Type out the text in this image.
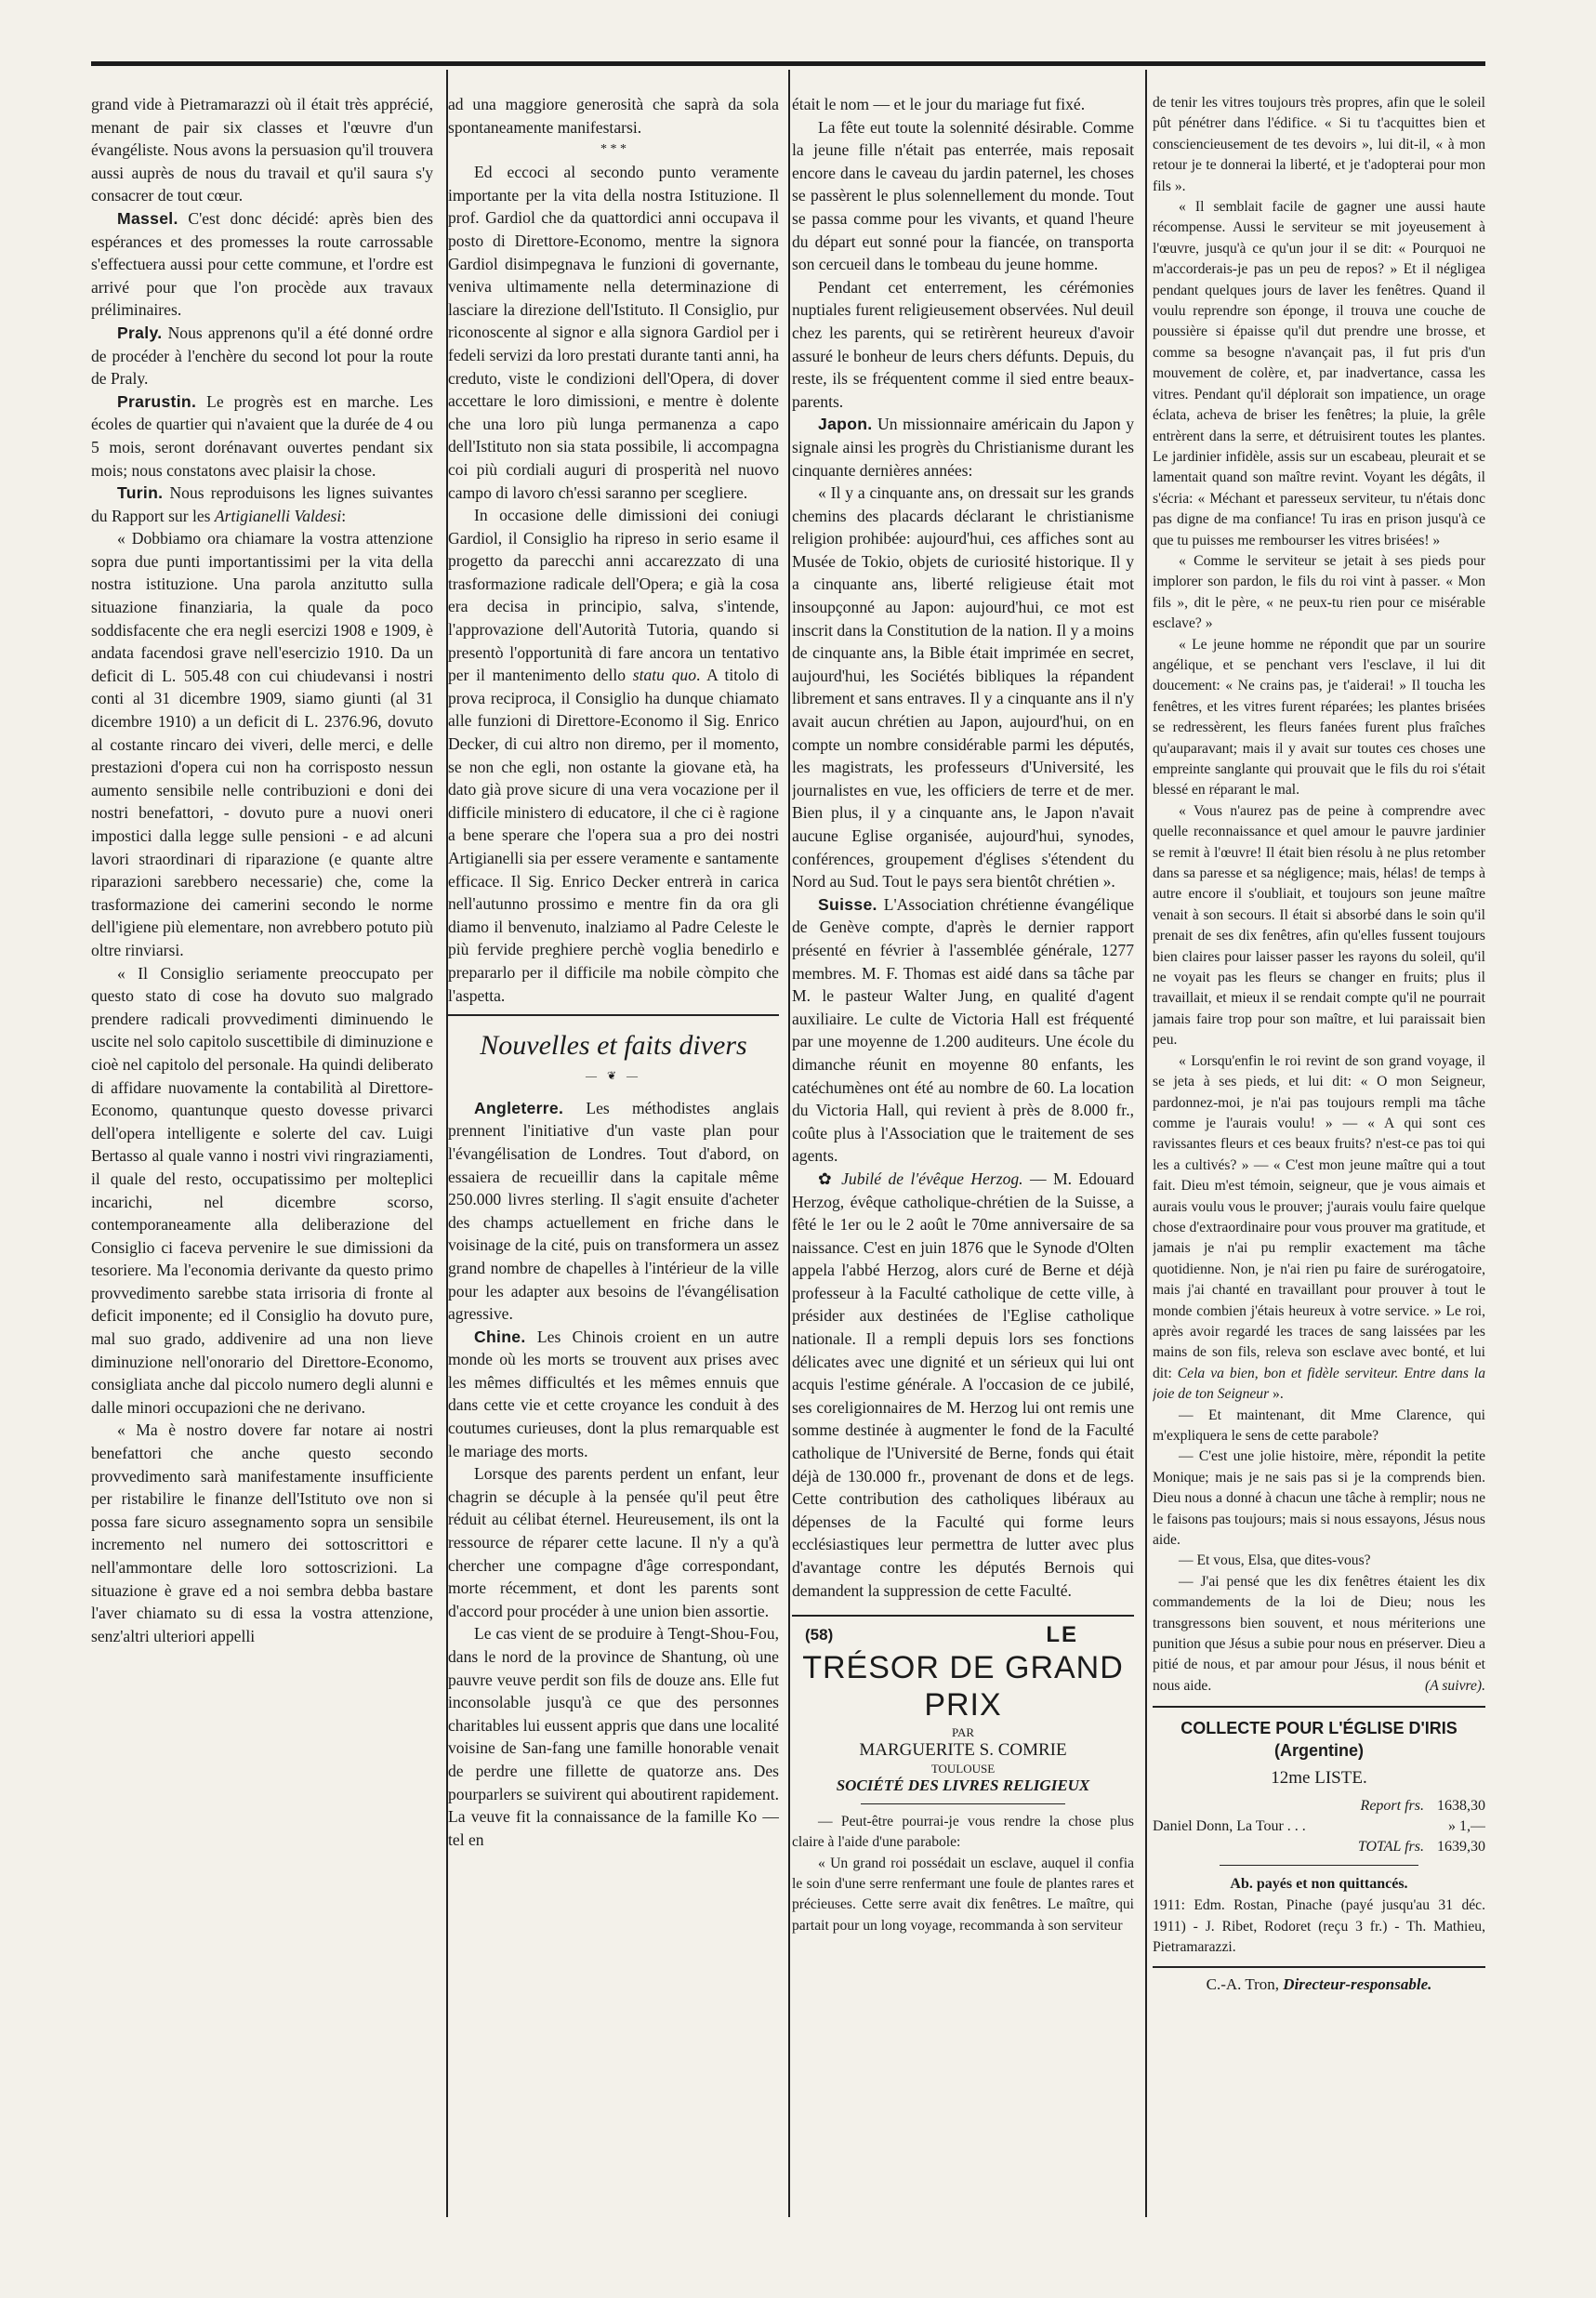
grand vide à Pietramarazzi où il était très apprécié, menant de pair six classes et l'œuvre d'un évangéliste. Nous avons la persuasion qu'il trouvera aussi auprès de nous du travail et qu'il saura s'y consacrer de tout cœur.

Massel. C'est donc décidé: après bien des espérances et des promesses la route carrossable s'effectuera aussi pour cette commune, et l'ordre est arrivé pour que l'on procède aux travaux préliminaires.

Praly. Nous apprenons qu'il a été donné ordre de procéder à l'enchère du second lot pour la route de Praly.

Prarustin. Le progrès est en marche. Les écoles de quartier qui n'avaient que la durée de 4 ou 5 mois, seront dorénavant ouvertes pendant six mois; nous constatons avec plaisir la chose.

Turin. Nous reproduisons les lignes suivantes du Rapport sur les Artigianelli Valdesi:

« Dobbiamo ora chiamare la vostra attenzione sopra due punti importantissimi per la vita della nostra istituzione. Una parola anzitutto sulla situazione finanziaria, la quale da poco soddisfacente che era negli esercizi 1908 e 1909, è andata facendosi grave nell'esercizio 1910. Da un deficit di L. 505.48 con cui chiudevansi i nostri conti al 31 dicembre 1909, siamo giunti (al 31 dicembre 1910) a un deficit di L. 2376.96, dovuto al costante rincaro dei viveri, delle merci, e delle prestazioni d'opera cui non ha corrisposto nessun aumento sensibile nelle contribuzioni e doni dei nostri benefattori, - dovuto pure a nuovi oneri impostici dalla legge sulle pensioni - e ad alcuni lavori straordinari di riparazione (e quante altre riparazioni sarebbero necessarie) che, come la trasformazione dei camerini secondo le norme dell'igiene più elementare, non avrebbero potuto più oltre rinviarsi.

« Il Consiglio seriamente preoccupato per questo stato di cose ha dovuto suo malgrado prendere radicali provvedimenti diminuendo le uscite nel solo capitolo suscettibile di diminuzione e cioè nel capitolo del personale. Ha quindi deliberato di affidare nuovamente la contabilità al Direttore-Economo, quantunque questo dovesse privarci dell'opera intelligente e solerte del cav. Luigi Bertasso al quale vanno i nostri vivi ringraziamenti, il quale del resto, occupatissimo per molteplici incarichi, nel dicembre scorso, contemporaneamente alla deliberazione del Consiglio ci faceva pervenire le sue dimissioni da tesoriere. Ma l'economia derivante da questo primo provvedimento sarebbe stata irrisoria di fronte al deficit imponente; ed il Consiglio ha dovuto pure, mal suo grado, addivenire ad una non lieve diminuzione nell'onorario del Direttore-Economo, consigliata anche dal piccolo numero degli alunni e dalle minori occupazioni che ne derivano.

« Ma è nostro dovere far notare ai nostri benefattori che anche questo secondo provvedimento sarà manifestamente insufficiente per ristabilire le finanze dell'Istituto ove non si possa fare sicuro assegnamento sopra un sensibile incremento nel numero dei sottoscrittori e nell'ammontare delle loro sottoscrizioni. La situazione è grave ed a noi sembra debba bastare l'aver chiamato su di essa la vostra attenzione, senz'altri ulteriori appelli

ad una maggiore generosità che saprà da sola spontaneamente manifestarsi.

* * *

Ed eccoci al secondo punto veramente importante per la vita della nostra Istituzione. Il prof. Gardiol che da quattordici anni occupava il posto di Direttore-Economo, mentre la signora Gardiol disimpegnava le funzioni di governante, veniva ultimamente nella determinazione di lasciare la direzione dell'Istituto. Il Consiglio, pur riconoscente al signor e alla signora Gardiol per i fedeli servizi da loro prestati durante tanti anni, ha creduto, viste le condizioni dell'Opera, di dover accettare le loro dimissioni, e mentre è dolente che una loro più lunga permanenza a capo dell'Istituto non sia stata possibile, li accompagna coi più cordiali auguri di prosperità nel nuovo campo di lavoro ch'essi saranno per scegliere.

In occasione delle dimissioni dei coniugi Gardiol, il Consiglio ha ripreso in serio esame il progetto da parecchi anni accarezzato di una trasformazione radicale dell'Opera; e già la cosa era decisa in principio, salva, s'intende, l'approvazione dell'Autorità Tutoria, quando si presentò l'opportunità di fare ancora un tentativo per il mantenimento dello statu quo. A titolo di prova reciproca, il Consiglio ha dunque chiamato alle funzioni di Direttore-Economo il Sig. Enrico Decker, di cui altro non diremo, per il momento, se non che egli, non ostante la giovane età, ha dato già prove sicure di una vera vocazione per il difficile ministero di educatore, il che ci è ragione a bene sperare che l'opera sua a pro dei nostri Artigianelli sia per essere veramente e santamente efficace. Il Sig. Enrico Decker entrerà in carica nell'autunno prossimo e mentre fin da ora gli diamo il benvenuto, inalziamo al Padre Celeste le più fervide preghiere perchè voglia benedirlo e prepararlo per il difficile ma nobile còmpito che l'aspetta.

Nouvelles et faits divers
— ❦ —

Angleterre. Les méthodistes anglais prennent l'initiative d'un vaste plan pour l'évangélisation de Londres. Tout d'abord, on essaiera de recueillir dans la capitale même 250.000 livres sterling. Il s'agit ensuite d'acheter des champs actuellement en friche dans le voisinage de la cité, puis on transformera un assez grand nombre de chapelles à l'intérieur de la ville pour les adapter aux besoins de l'évangélisation agressive.

Chine. Les Chinois croient en un autre monde où les morts se trouvent aux prises avec les mêmes difficultés et les mêmes ennuis que dans cette vie et cette croyance les conduit à des coutumes curieuses, dont la plus remarquable est le mariage des morts.

Lorsque des parents perdent un enfant, leur chagrin se décuple à la pensée qu'il peut être réduit au célibat éternel. Heureusement, ils ont la ressource de réparer cette lacune. Il n'y a qu'à chercher une compagne d'âge correspondant, morte récemment, et dont les parents sont d'accord pour procéder à une union bien assortie.

Le cas vient de se produire à Tengt-Shou-Fou, dans le nord de la province de Shantung, où une pauvre veuve perdit son fils de douze ans. Elle fut inconsolable jusqu'à ce que des personnes charitables lui eussent appris que dans une localité voisine de San-fang une famille honorable venait de perdre une fillette de quatorze ans. Des pourparlers se suivirent qui aboutirent rapidement. La veuve fit la connaissance de la famille Ko — tel en

était le nom — et le jour du mariage fut fixé.

La fête eut toute la solennité désirable. Comme la jeune fille n'était pas enterrée, mais reposait encore dans le caveau du jardin paternel, les choses se passèrent le plus solennellement du monde. Tout se passa comme pour les vivants, et quand l'heure du départ eut sonné pour la fiancée, on transporta son cercueil dans le tombeau du jeune homme.

Pendant cet enterrement, les cérémonies nuptiales furent religieusement observées. Nul deuil chez les parents, qui se retirèrent heureux d'avoir assuré le bonheur de leurs chers défunts. Depuis, du reste, ils se fréquentent comme il sied entre beaux-parents.

Japon. Un missionnaire américain du Japon y signale ainsi les progrès du Christianisme durant les cinquante dernières années:

« Il y a cinquante ans, on dressait sur les grands chemins des placards déclarant le christianisme religion prohibée: aujourd'hui, ces affiches sont au Musée de Tokio, objets de curiosité historique. Il y a cinquante ans, liberté religieuse était mot insoupçonné au Japon: aujourd'hui, ce mot est inscrit dans la Constitution de la nation. Il y a moins de cinquante ans, la Bible était imprimée en secret, aujourd'hui, les Sociétés bibliques la répandent librement et sans entraves. Il y a cinquante ans il n'y avait aucun chrétien au Japon, aujourd'hui, on en compte un nombre considérable parmi les députés, les magistrats, les professeurs d'Université, les journalistes en vue, les officiers de terre et de mer. Bien plus, il y a cinquante ans, le Japon n'avait aucune Eglise organisée, aujourd'hui, synodes, conférences, groupement d'églises s'étendent du Nord au Sud. Tout le pays sera bientôt chrétien ».

Suisse. L'Association chrétienne évangélique de Genève compte, d'après le dernier rapport présenté en février à l'assemblée générale, 1277 membres. M. F. Thomas est aidé dans sa tâche par M. le pasteur Walter Jung, en qualité d'agent auxiliaire. Le culte de Victoria Hall est fréquenté par une moyenne de 1.200 auditeurs. Une école du dimanche réunit en moyenne 80 enfants, les catéchumènes ont été au nombre de 60. La location du Victoria Hall, qui revient à près de 8.000 fr., coûte plus à l'Association que le traitement de ses agents.

✿ Jubilé de l'évêque Herzog. — M. Edouard Herzog, évêque catholique-chrétien de la Suisse, a fêté le 1er ou le 2 août le 70me anniversaire de sa naissance. C'est en juin 1876 que le Synode d'Olten appela l'abbé Herzog, alors curé de Berne et déjà professeur à la Faculté catholique de cette ville, à présider aux destinées de l'Eglise catholique nationale. Il a rempli depuis lors ses fonctions délicates avec une dignité et un sérieux qui lui ont acquis l'estime générale. A l'occasion de ce jubilé, ses coreligionnaires de M. Herzog lui ont remis une somme destinée à augmenter le fond de la Faculté catholique de l'Université de Berne, fonds qui était déjà de 130.000 fr., provenant de dons et de legs. Cette contribution des catholiques libéraux au dépenses de la Faculté qui forme leurs ecclésiastiques leur permettra de lutter avec plus d'avantage contre les députés Bernois qui demandent la suppression de cette Faculté.

(58)	LE
TRÉSOR DE GRAND PRIX
PAR
MARGUERITE S. COMRIE
TOULOUSE
SOCIÉTÉ DES LIVRES RELIGIEUX

— Peut-être pourrai-je vous rendre la chose plus claire à l'aide d'une parabole:

« Un grand roi possédait un esclave, auquel il confia le soin d'une serre renfermant une foule de plantes rares et précieuses. Cette serre avait dix fenêtres. Le maître, qui partait pour un long voyage, recommanda à son serviteur

de tenir les vitres toujours très propres, afin que le soleil pût pénétrer dans l'édifice. « Si tu t'acquittes bien et consciencieusement de tes devoirs », lui dit-il, « à mon retour je te donnerai la liberté, et je t'adopterai pour mon fils ».

« Il semblait facile de gagner une aussi haute récompense. Aussi le serviteur se mit joyeusement à l'œuvre, jusqu'à ce qu'un jour il se dit: « Pourquoi ne m'accorderais-je pas un peu de repos? » Et il négligea pendant quelques jours de laver les fenêtres. Quand il voulu reprendre son éponge, il trouva une couche de poussière si épaisse qu'il dut prendre une brosse, et comme sa besogne n'avançait pas, il fut pris d'un mouvement de colère, et, par inadvertance, cassa les vitres. Pendant qu'il déplorait son impatience, un orage éclata, acheva de briser les fenêtres; la pluie, la grêle entrèrent dans la serre, et détruisirent toutes les plantes. Le jardinier infidèle, assis sur un escabeau, pleurait et se lamentait quand son maître revint. Voyant les dégâts, il s'écria: « Méchant et paresseux serviteur, tu n'étais donc pas digne de ma confiance! Tu iras en prison jusqu'à ce que tu puisses me rembourser les vitres brisées! »

« Comme le serviteur se jetait à ses pieds pour implorer son pardon, le fils du roi vint à passer. « Mon fils », dit le père, « ne peux-tu rien pour ce misérable esclave? »

« Le jeune homme ne répondit que par un sourire angélique, et se penchant vers l'esclave, il lui dit doucement: « Ne crains pas, je t'aiderai! » Il toucha les fenêtres, et les vitres furent réparées; les plantes brisées se redressèrent, les fleurs fanées furent plus fraîches qu'auparavant; mais il y avait sur toutes ces choses une empreinte sanglante qui prouvait que le fils du roi s'était blessé en réparant le mal.

« Vous n'aurez pas de peine à comprendre avec quelle reconnaissance et quel amour le pauvre jardinier se remit à l'œuvre! Il était bien résolu à ne plus retomber dans sa paresse et sa négligence; mais, hélas! de temps à autre encore il s'oubliait, et toujours son jeune maître venait à son secours. Il était si absorbé dans le soin qu'il prenait de ses dix fenêtres, afin qu'elles fussent toujours bien claires pour laisser passer les rayons du soleil, qu'il ne voyait pas les fleurs se changer en fruits; plus il travaillait, et mieux il se rendait compte qu'il ne pourrait jamais faire trop pour son maître, et lui paraissait bien peu.

« Lorsqu'enfin le roi revint de son grand voyage, il se jeta à ses pieds, et lui dit: « O mon Seigneur, pardonnez-moi, je n'ai pas toujours rempli ma tâche comme je l'aurais voulu! » — « A qui sont ces ravissantes fleurs et ces beaux fruits? n'est-ce pas toi qui les a cultivés? » — « C'est mon jeune maître qui a tout fait. Dieu m'est témoin, seigneur, que je vous aimais et aurais voulu vous le prouver; j'aurais voulu faire quelque chose d'extraordinaire pour vous prouver ma gratitude, et jamais je n'ai pu remplir exactement ma tâche quotidienne. Non, je n'ai rien pu faire de surérogatoire, mais j'ai chanté en travaillant pour prouver à tout le monde combien j'étais heureux à votre service. » Le roi, après avoir regardé les traces de sang laissées par les mains de son fils, releva son esclave avec bonté, et lui dit: Cela va bien, bon et fidèle serviteur. Entre dans la joie de ton Seigneur ».

— Et maintenant, dit Mme Clarence, qui m'expliquera le sens de cette parabole?

— C'est une jolie histoire, mère, répondit la petite Monique; mais je ne sais pas si je la comprends bien. Dieu nous a donné à chacun une tâche à remplir; nous ne le faisons pas toujours; mais si nous essayons, Jésus nous aide.

— Et vous, Elsa, que dites-vous?

— J'ai pensé que les dix fenêtres étaient les dix commandements de la loi de Dieu; nous les transgressons bien souvent, et nous mériterions une punition que Jésus a subie pour nous en préserver. Dieu a pitié de nous, et par amour pour Jésus, il nous bénit et nous aide.	(A suivre).

COLLECTE POUR L'ÉGLISE D'IRIS (Argentine)
12me LISTE.
Report frs. 1638,30
Daniel Donn, La Tour . . .	» 1,—
TOTAL frs. 1639,30
Ab. payés et non quittancés.

1911: Edm. Rostan, Pinache (payé jusqu'au 31 déc. 1911) - J. Ribet, Rodoret (reçu 3 fr.) - Th. Mathieu, Pietramarazzi.

C.-A. Tron, Directeur-responsable.
